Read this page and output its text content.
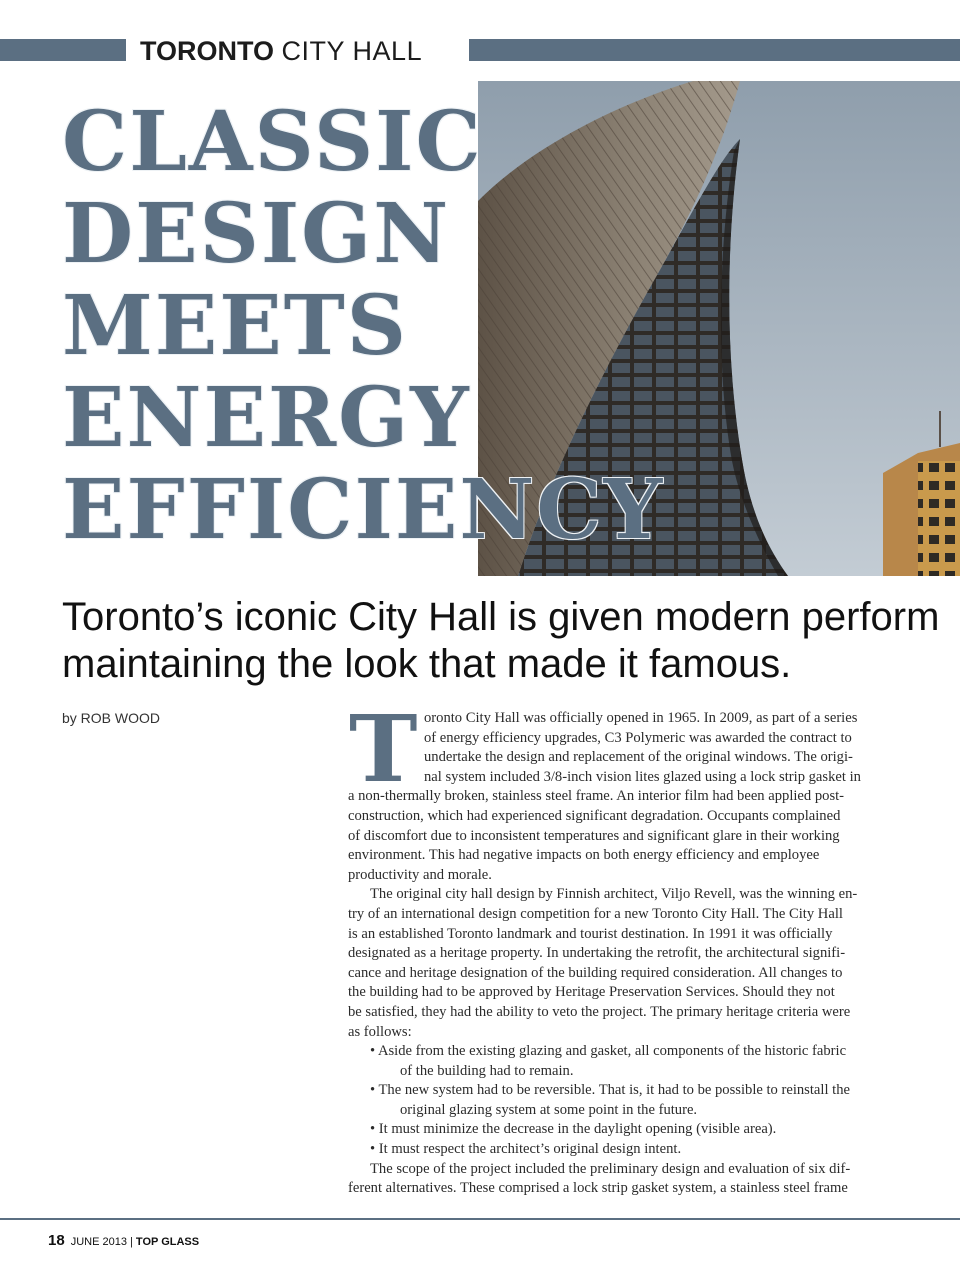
TORONTO CITY HALL
CLASSIC
DESIGN
MEETS
ENERGY
EFFICIENCY
Toronto’s iconic City Hall is given modern perform
maintaining the look that made it famous.
by ROB WOOD T oronto City Hall was officially opened in 1965. In 2009, as part of a series
of energy efficiency upgrades, C3 Polymeric was awarded the contract to
undertake the design and replacement of the original windows. The origi-
nal system included 3/8-inch vision lites glazed using a lock strip gasket in
a non-thermally broken, stainless steel frame. An interior film had been applied post-
construction, which had experienced significant degradation. Occupants complained
of discomfort due to inconsistent temperatures and significant glare in their working
environment. This had negative impacts on both energy efficiency and employee
productivity and morale.
The original city hall design by Finnish architect, Viljo Revell, was the winning en-
try of an international design competition for a new Toronto City Hall. The City Hall
is an established Toronto landmark and tourist destination. In 1991 it was officially
designated as a heritage property. In undertaking the retrofit, the architectural signifi-
cance and heritage designation of the building required consideration. All changes to
the building had to be approved by Heritage Preservation Services. Should they not
be satisfied, they had the ability to veto the project. The primary heritage criteria were
as follows:
• Aside from the existing glazing and gasket, all components of the historic fabric
of the building had to remain.
• The new system had to be reversible. That is, it had to be possible to reinstall the
original glazing system at some point in the future.
• It must minimize the decrease in the daylight opening (visible area).
• It must respect the architect’s original design intent.
The scope of the project included the preliminary design and evaluation of six dif-
ferent alternatives. These comprised a lock strip gasket system, a stainless steel frame
18 JUNE 2013 | TOP GLASS
